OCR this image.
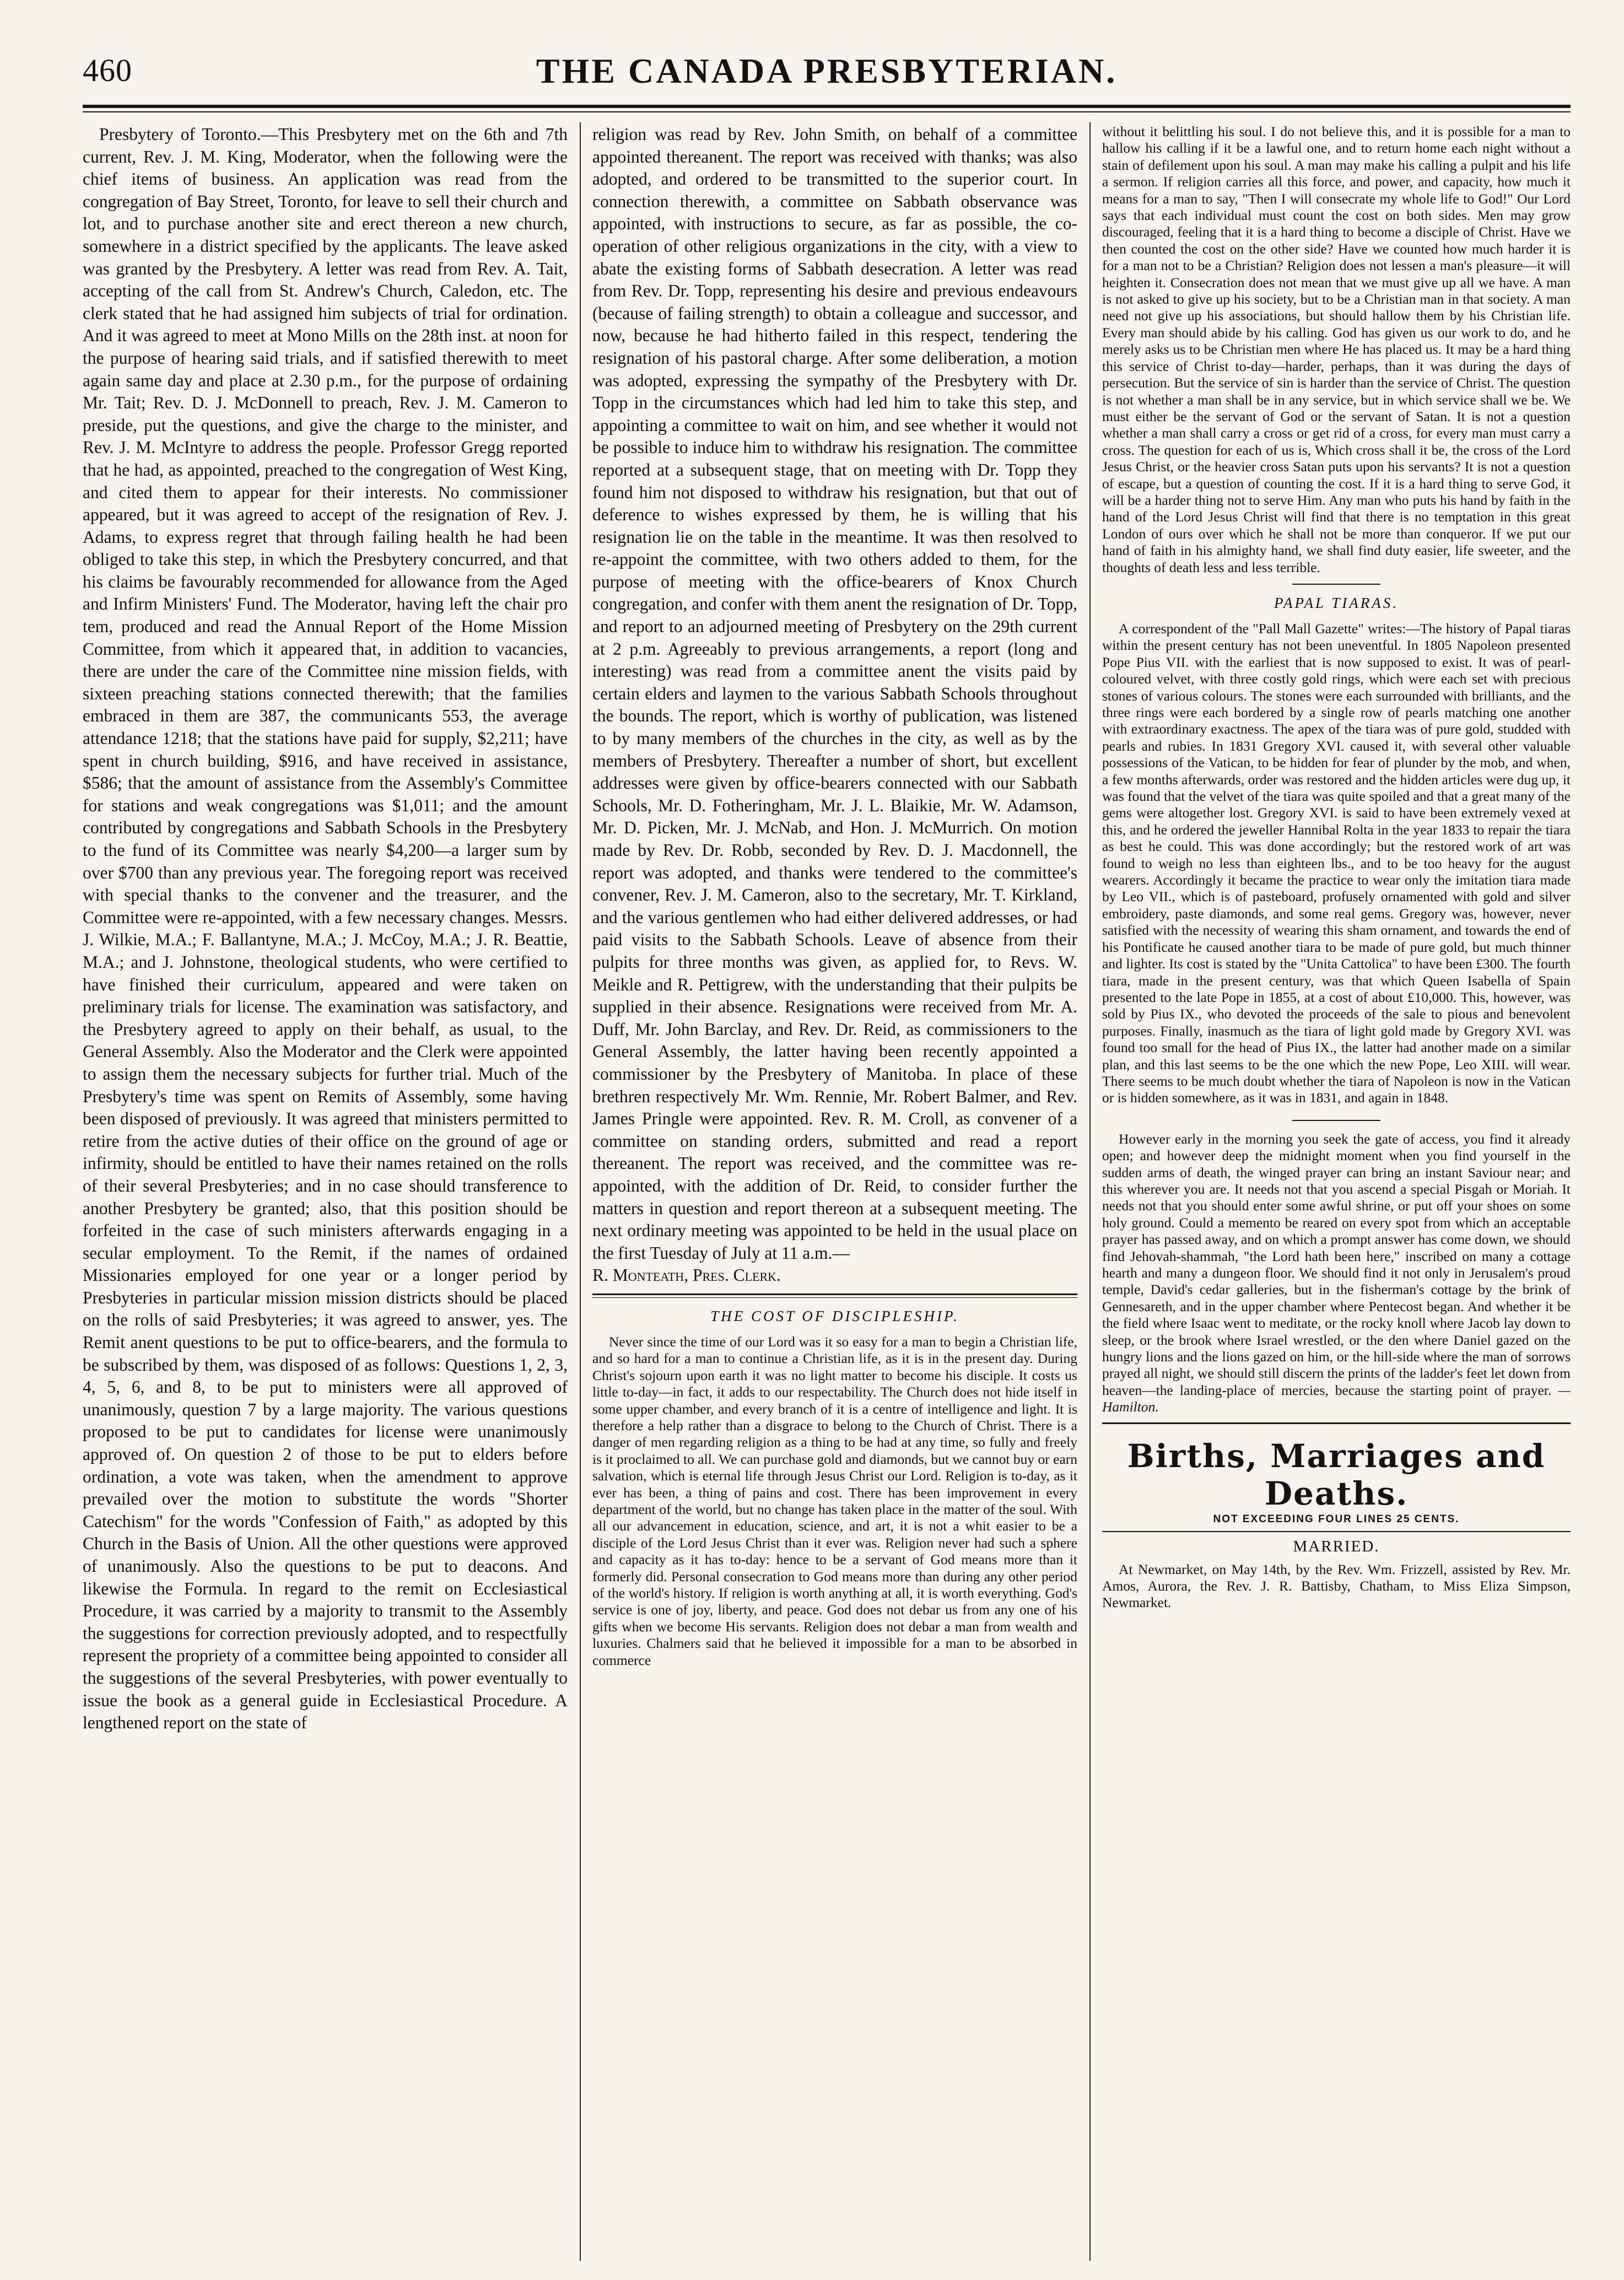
460	THE CANADA PRESBYTERIAN.

Presbytery of Toronto.—This Presbytery met on the 6th and 7th current, Rev. J. M. King, Moderator, when the following were the chief items of business. An application was read from the congregation of Bay Street, Toronto, for leave to sell their church and lot, and to purchase another site and erect thereon a new church, somewhere in a district specified by the applicants. The leave asked was granted by the Presbytery. A letter was read from Rev. A. Tait, accepting of the call from St. Andrew's Church, Caledon, etc. The clerk stated that he had assigned him subjects of trial for ordination. And it was agreed to meet at Mono Mills on the 28th inst. at noon for the purpose of hearing said trials, and if satisfied therewith to meet again same day and place at 2.30 p.m., for the purpose of ordaining Mr. Tait; Rev. D. J. McDonnell to preach, Rev. J. M. Cameron to preside, put the questions, and give the charge to the minister, and Rev. J. M. McIntyre to address the people. Professor Gregg reported that he had, as appointed, preached to the congregation of West King, and cited them to appear for their interests. No commissioner appeared, but it was agreed to accept of the resignation of Rev. J. Adams, to express regret that through failing health he had been obliged to take this step, in which the Presbytery concurred, and that his claims be favourably recommended for allowance from the Aged and Infirm Ministers' Fund. The Moderator, having left the chair pro tem, produced and read the Annual Report of the Home Mission Committee, from which it appeared that, in addition to vacancies, there are under the care of the Committee nine mission fields, with sixteen preaching stations connected therewith; that the families embraced in them are 387, the communicants 553, the average attendance 1218; that the stations have paid for supply, $2,211; have spent in church building, $916, and have received in assistance, $586; that the amount of assistance from the Assembly's Committee for stations and weak congregations was $1,011; and the amount contributed by congregations and Sabbath Schools in the Presbytery to the fund of its Committee was nearly $4,200—a larger sum by over $700 than any previous year. The foregoing report was received with special thanks to the convener and the treasurer, and the Committee were re-appointed, with a few necessary changes. Messrs. J. Wilkie, M.A.; F. Ballantyne, M.A.; J. McCoy, M.A.; J. R. Beattie, M.A.; and J. Johnstone, theological students, who were certified to have finished their curriculum, appeared and were taken on preliminary trials for license. The examination was satisfactory, and the Presbytery agreed to apply on their behalf, as usual, to the General Assembly. Also the Moderator and the Clerk were appointed to assign them the necessary subjects for further trial. Much of the Presbytery's time was spent on Remits of Assembly, some having been disposed of previously. It was agreed that ministers permitted to retire from the active duties of their office on the ground of age or infirmity, should be entitled to have their names retained on the rolls of their several Presbyteries; and in no case should transference to another Presbytery be granted; also, that this position should be forfeited in the case of such ministers afterwards engaging in a secular employment. To the Remit, if the names of ordained Missionaries employed for one year or a longer period by Presbyteries in particular mission mission districts should be placed on the rolls of said Presbyteries; it was agreed to answer, yes. The Remit anent questions to be put to office-bearers, and the formula to be subscribed by them, was disposed of as follows: Questions 1, 2, 3, 4, 5, 6, and 8, to be put to ministers were all approved of unanimously, question 7 by a large majority. The various questions proposed to be put to candidates for license were unanimously approved of. On question 2 of those to be put to elders before ordination, a vote was taken, when the amendment to approve prevailed over the motion to substitute the words "Shorter Catechism" for the words "Confession of Faith," as adopted by this Church in the Basis of Union. All the other questions were approved of unanimously. Also the questions to be put to deacons. And likewise the Formula. In regard to the remit on Ecclesiastical Procedure, it was carried by a majority to transmit to the Assembly the suggestions for correction previously adopted, and to respectfully represent the propriety of a committee being appointed to consider all the suggestions of the several Presbyteries, with power eventually to issue the book as a general guide in Ecclesiastical Procedure. A lengthened report on the state of

religion was read by Rev. John Smith, on behalf of a committee appointed thereanent. The report was received with thanks; was also adopted, and ordered to be transmitted to the superior court. In connection therewith, a committee on Sabbath observance was appointed, with instructions to secure, as far as possible, the co-operation of other religious organizations in the city, with a view to abate the existing forms of Sabbath desecration. A letter was read from Rev. Dr. Topp, representing his desire and previous endeavours (because of failing strength) to obtain a colleague and successor, and now, because he had hitherto failed in this respect, tendering the resignation of his pastoral charge. After some deliberation, a motion was adopted, expressing the sympathy of the Presbytery with Dr. Topp in the circumstances which had led him to take this step, and appointing a committee to wait on him, and see whether it would not be possible to induce him to withdraw his resignation. The committee reported at a subsequent stage, that on meeting with Dr. Topp they found him not disposed to withdraw his resignation, but that out of deference to wishes expressed by them, he is willing that his resignation lie on the table in the meantime. It was then resolved to re-appoint the committee, with two others added to them, for the purpose of meeting with the office-bearers of Knox Church congregation, and confer with them anent the resignation of Dr. Topp, and report to an adjourned meeting of Presbytery on the 29th current at 2 p.m. Agreeably to previous arrangements, a report (long and interesting) was read from a committee anent the visits paid by certain elders and laymen to the various Sabbath Schools throughout the bounds. The report, which is worthy of publication, was listened to by many members of the churches in the city, as well as by the members of Presbytery. Thereafter a number of short, but excellent addresses were given by office-bearers connected with our Sabbath Schools, Mr. D. Fotheringham, Mr. J. L. Blaikie, Mr. W. Adamson, Mr. D. Picken, Mr. J. McNab, and Hon. J. McMurrich. On motion made by Rev. Dr. Robb, seconded by Rev. D. J. Macdonnell, the report was adopted, and thanks were tendered to the committee's convener, Rev. J. M. Cameron, also to the secretary, Mr. T. Kirkland, and the various gentlemen who had either delivered addresses, or had paid visits to the Sabbath Schools. Leave of absence from their pulpits for three months was given, as applied for, to Revs. W. Meikle and R. Pettigrew, with the understanding that their pulpits be supplied in their absence. Resignations were received from Mr. A. Duff, Mr. John Barclay, and Rev. Dr. Reid, as commissioners to the General Assembly, the latter having been recently appointed a commissioner by the Presbytery of Manitoba. In place of these brethren respectively Mr. Wm. Rennie, Mr. Robert Balmer, and Rev. James Pringle were appointed. Rev. R. M. Croll, as convener of a committee on standing orders, submitted and read a report thereanent. The report was received, and the committee was re-appointed, with the addition of Dr. Reid, to consider further the matters in question and report thereon at a subsequent meeting. The next ordinary meeting was appointed to be held in the usual place on the first Tuesday of July at 11 a.m.—

R. Monteath, Pres. Clerk.

THE COST OF DISCIPLESHIP.

Never since the time of our Lord was it so easy for a man to begin a Christian life, and so hard for a man to continue a Christian life, as it is in the present day. During Christ's sojourn upon earth it was no light matter to become his disciple. It costs us little to-day—in fact, it adds to our respectability. The Church does not hide itself in some upper chamber, and every branch of it is a centre of intelligence and light. It is therefore a help rather than a disgrace to belong to the Church of Christ. There is a danger of men regarding religion as a thing to be had at any time, so fully and freely is it proclaimed to all. We can purchase gold and diamonds, but we cannot buy or earn salvation, which is eternal life through Jesus Christ our Lord. Religion is to-day, as it ever has been, a thing of pains and cost. There has been improvement in every department of the world, but no change has taken place in the matter of the soul. With all our advancement in education, science, and art, it is not a whit easier to be a disciple of the Lord Jesus Christ than it ever was. Religion never had such a sphere and capacity as it has to-day: hence to be a servant of God means more than it formerly did. Personal consecration to God means more than during any other period of the world's history. If religion is worth anything at all, it is worth everything. God's service is one of joy, liberty, and peace. God does not debar us from any one of his gifts when we become His servants. Religion does not debar a man from wealth and luxuries. Chalmers said that he believed it impossible for a man to be absorbed in commerce

without it belittling his soul. I do not believe this, and it is possible for a man to hallow his calling if it be a lawful one, and to return home each night without a stain of defilement upon his soul. A man may make his calling a pulpit and his life a sermon. If religion carries all this force, and power, and capacity, how much it means for a man to say, "Then I will consecrate my whole life to God!" Our Lord says that each individual must count the cost on both sides. Men may grow discouraged, feeling that it is a hard thing to become a disciple of Christ. Have we then counted the cost on the other side? Have we counted how much harder it is for a man not to be a Christian? Religion does not lessen a man's pleasure—it will heighten it. Consecration does not mean that we must give up all we have. A man is not asked to give up his society, but to be a Christian man in that society. A man need not give up his associations, but should hallow them by his Christian life. Every man should abide by his calling. God has given us our work to do, and he merely asks us to be Christian men where He has placed us. It may be a hard thing this service of Christ to-day—harder, perhaps, than it was during the days of persecution. But the service of sin is harder than the service of Christ. The question is not whether a man shall be in any service, but in which service shall we be. We must either be the servant of God or the servant of Satan. It is not a question whether a man shall carry a cross or get rid of a cross, for every man must carry a cross. The question for each of us is, Which cross shall it be, the cross of the Lord Jesus Christ, or the heavier cross Satan puts upon his servants? It is not a question of escape, but a question of counting the cost. If it is a hard thing to serve God, it will be a harder thing not to serve Him. Any man who puts his hand by faith in the hand of the Lord Jesus Christ will find that there is no temptation in this great London of ours over which he shall not be more than conqueror. If we put our hand of faith in his almighty hand, we shall find duty easier, life sweeter, and the thoughts of death less and less terrible.

PAPAL TIARAS.

A correspondent of the "Pall Mall Gazette" writes:—The history of Papal tiaras within the present century has not been uneventful. In 1805 Napoleon presented Pope Pius VII. with the earliest that is now supposed to exist. It was of pearl-coloured velvet, with three costly gold rings, which were each set with precious stones of various colours. The stones were each surrounded with brilliants, and the three rings were each bordered by a single row of pearls matching one another with extraordinary exactness. The apex of the tiara was of pure gold, studded with pearls and rubies. In 1831 Gregory XVI. caused it, with several other valuable possessions of the Vatican, to be hidden for fear of plunder by the mob, and when, a few months afterwards, order was restored and the hidden articles were dug up, it was found that the velvet of the tiara was quite spoiled and that a great many of the gems were altogether lost. Gregory XVI. is said to have been extremely vexed at this, and he ordered the jeweller Hannibal Rolta in the year 1833 to repair the tiara as best he could. This was done accordingly; but the restored work of art was found to weigh no less than eighteen lbs., and to be too heavy for the august wearers. Accordingly it became the practice to wear only the imitation tiara made by Leo VII., which is of pasteboard, profusely ornamented with gold and silver embroidery, paste diamonds, and some real gems. Gregory was, however, never satisfied with the necessity of wearing this sham ornament, and towards the end of his Pontificate he caused another tiara to be made of pure gold, but much thinner and lighter. Its cost is stated by the "Unita Cattolica" to have been £300. The fourth tiara, made in the present century, was that which Queen Isabella of Spain presented to the late Pope in 1855, at a cost of about £10,000. This, however, was sold by Pius IX., who devoted the proceeds of the sale to pious and benevolent purposes. Finally, inasmuch as the tiara of light gold made by Gregory XVI. was found too small for the head of Pius IX., the latter had another made on a similar plan, and this last seems to be the one which the new Pope, Leo XIII. will wear. There seems to be much doubt whether the tiara of Napoleon is now in the Vatican or is hidden somewhere, as it was in 1831, and again in 1848.

However early in the morning you seek the gate of access, you find it already open; and however deep the midnight moment when you find yourself in the sudden arms of death, the winged prayer can bring an instant Saviour near; and this wherever you are. It needs not that you ascend a special Pisgah or Moriah. It needs not that you should enter some awful shrine, or put off your shoes on some holy ground. Could a memento be reared on every spot from which an acceptable prayer has passed away, and on which a prompt answer has come down, we should find Jehovah-shammah, "the Lord hath been here," inscribed on many a cottage hearth and many a dungeon floor. We should find it not only in Jerusalem's proud temple, David's cedar galleries, but in the fisherman's cottage by the brink of Gennesareth, and in the upper chamber where Pentecost began. And whether it be the field where Isaac went to meditate, or the rocky knoll where Jacob lay down to sleep, or the brook where Israel wrestled, or the den where Daniel gazed on the hungry lions and the lions gazed on him, or the hill-side where the man of sorrows prayed all night, we should still discern the prints of the ladder's feet let down from heaven—the landing-place of mercies, because the starting point of prayer. —Hamilton.

Births, Marriages and Deaths.
NOT EXCEEDING FOUR LINES 25 CENTS.
MARRIED.

At Newmarket, on May 14th, by the Rev. Wm. Frizzell, assisted by Rev. Mr. Amos, Aurora, the Rev. J. R. Battisby, Chatham, to Miss Eliza Simpson, Newmarket.
